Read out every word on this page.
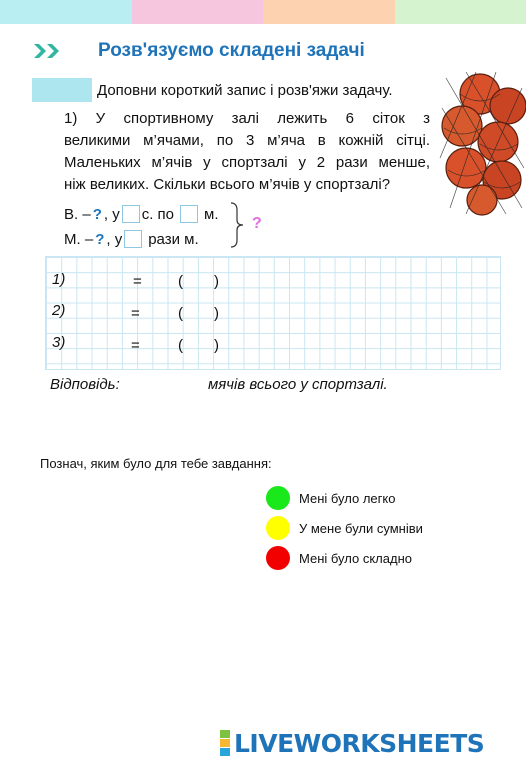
Розв'язуємо складені задачі
Доповни короткий запис і розв'яжи задачу.
1) У спортивному залі лежить 6 сіток з
великими м’ячами, по 3 м’яча в кожній сітці.
Маленьких м’ячів у спортзалі у 2 рази менше,
ніж великих. Скільки всього м’ячів у спортзалі?
В. – ? , у с. по м.
М. – ? , у рази м.
?
1)	= ( )
2)	=	( )
3)	=	( )
Відповідь:	мячів всього у спортзалі.
Познач, яким було для тебе завдання:
Мені було легко
У мене були сумніви
Мені було складно
LIVEWORKSHEETS
